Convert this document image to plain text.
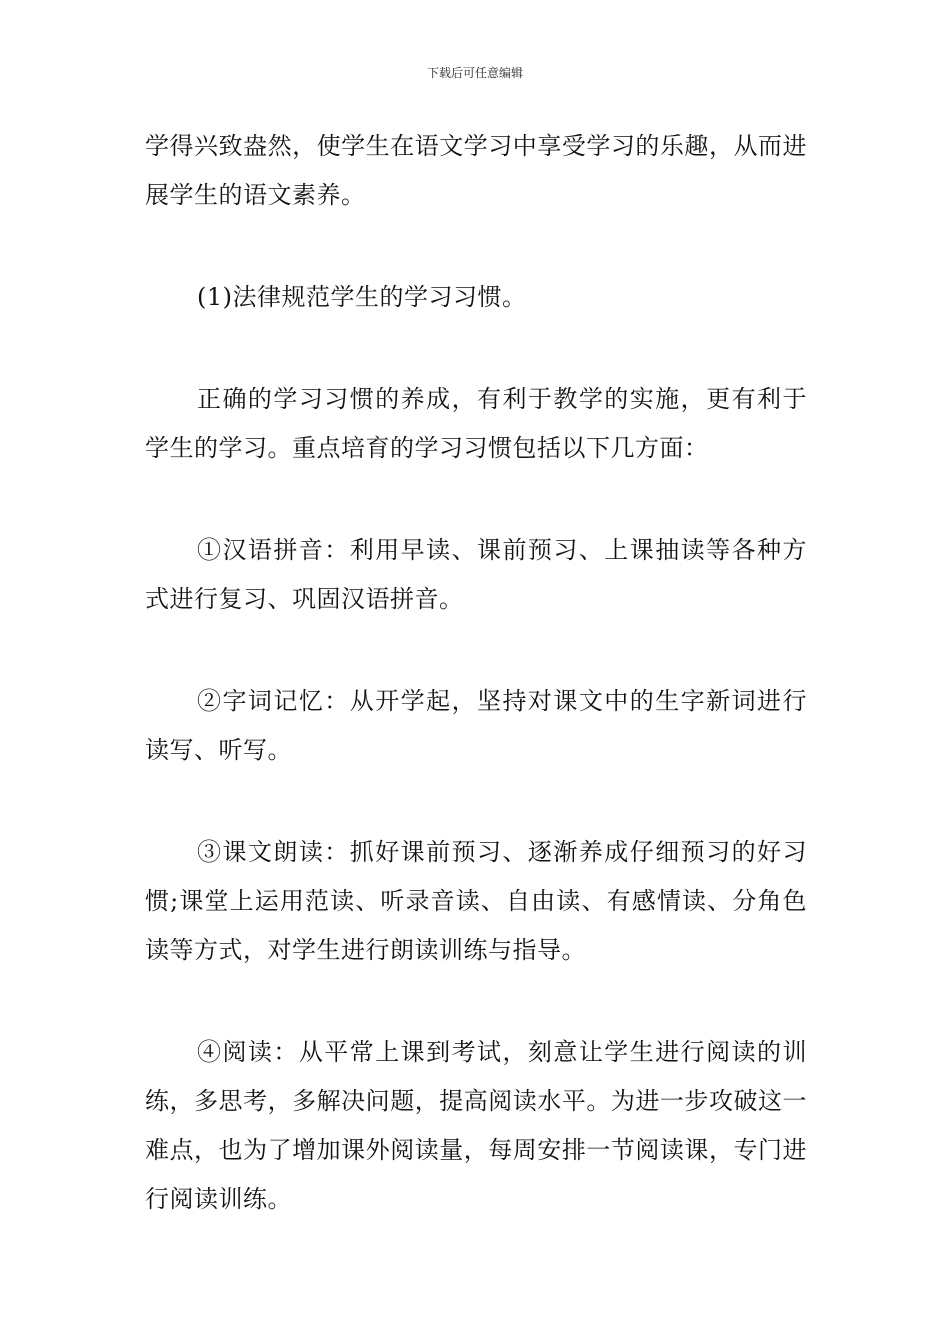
下载后可任意编辑

学得兴致盎然，使学生在语文学习中享受学习的乐趣，从而进展学生的语文素养。

(1)法律规范学生的学习习惯。

正确的学习习惯的养成，有利于教学的实施，更有利于学生的学习。重点培育的学习习惯包括以下几方面：

①汉语拼音：利用早读、课前预习、上课抽读等各种方式进行复习、巩固汉语拼音。

②字词记忆：从开学起，坚持对课文中的生字新词进行读写、听写。

③课文朗读：抓好课前预习、逐渐养成仔细预习的好习惯;课堂上运用范读、听录音读、自由读、有感情读、分角色读等方式，对学生进行朗读训练与指导。

④阅读：从平常上课到考试，刻意让学生进行阅读的训练，多思考，多解决问题，提高阅读水平。为进一步攻破这一难点，也为了增加课外阅读量，每周安排一节阅读课，专门进行阅读训练。
